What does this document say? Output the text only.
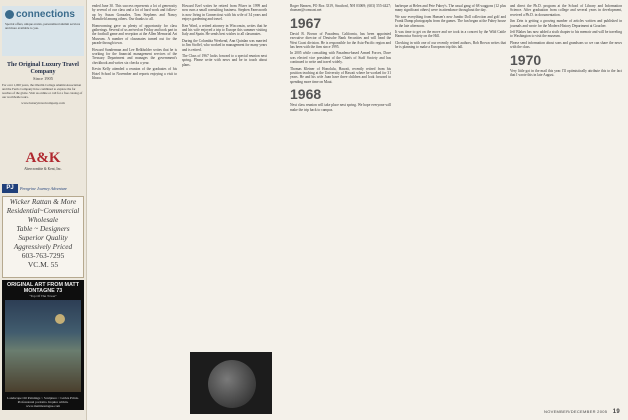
connections
Special offers, unique events, personalized alumni services and more available to you.
The Original Luxury Travel Company
Since 1905
For over 1,000 years, the Oberlin College Alumni Association and the Ferris Company have combined to explore the far reaches of the globe. Visit us online or call for a free catalog of our worldwide tours.
www.luxurytravelcompany.com
A&K
Abercrombie & Kent, Inc.
PJ	Peregrine Journey Adventure
Wicker Rattan & More
Residential~Commercial
Wholesale
Table ~ Designers
Superior Quality
Aggressively Priced
603-763-7295
VC.M. 55
ORIGINAL ART FROM MATT MONTAGNE 73
"Top Of The Tower"
Landscape Oil Paintings ~ Sculpture ~ Giclée Prints. Professional portraits. Inquire within. www.mattmontagne.com

ended June 30. This success represents a lot of generosity by several of our class and a lot of hard work and follow-up by Susan Gonzalez, Tom Stephens and Nancy Mansfield among others. Our thanks to all.

Homecoming gave us plenty of opportunity for class gatherings. Several of us arrived on Friday and took part in the football game and reception at the Allen Memorial Art Museum. A number of classmates turned out for the parade through town.

Howard Sunderman and Lee Belkholder writes that he is working for the financial management services of the Treasury Department and manages the government's checkbook and writes six checks a year.

Kevin Kelly attended a reunion of the graduates of his Hotel School in November and reports enjoying a visit to Ithaca.

Howard Ezel writes he retired from Pfizer in 1999 and now runs a small consulting business. Stephen Farnsworth is now living in Connecticut with his wife of 34 years and enjoys gardening and travel.

Ken Ward, a retired attorney in Wisconsin, writes that he and his wife enjoyed a trip to Europe this summer visiting Italy and Spain. He sends best wishes to all classmates.

During the Columbia Weekend, Ann Quinlan was married to Jim Stoffel, who worked in management for many years and is retired.

The Class of 1967 looks forward to a special reunion next spring. Please write with news and be in touch about plans.

Roger Hansen, PO Box 3319, Stratford, NH 03069; (603) 555-4427; rhansen@comcast.net

1967

David B. Brown of Pasadena, California, has been appointed executive director of Deutsche Bank Securities and will head the West Coast division. He is responsible for the Asia-Pacific region and has been with the firm since 1995.

In 2005 while consulting with Pasadena-based Armed Forces, Dave was elected vice president of the Chiefs of Staff Society and has continued to write and travel widely.

Thomas Kleiner of Honolulu, Hawaii, recently retired from his position teaching at the University of Hawaii where he worked for 31 years. He and his wife Joan have three children and look forward to spending more time on Maui.

1968

Next class reunion will take place next spring. We hope everyone will make the trip back to campus.

barbeque at Helen and Pete Fahey's. The usual gang of 68 waggons (12 plus many significant others) were in attendance throughout the day.

We saw everything from Hansen's new Jumbo Doll collection and golf and Frank Dump photographs from the games. The fun began at the Fahey house in the late afternoon.

It was time to get on the move and we took in a concert by the Wild Cattle Harmonica Society on the Hill.

Checking in with one of our recently retired authors, Bob Brown writes that he is planning to make a European trip this fall.

and direct the Ph.D. program at the School of Library and Information Science. After graduation from college and several years in development, received a Ph.D. in documentation.

Jim Zein is getting a growing number of articles written and published in journals and wrote for the Modern History Department at Goucher.

Jeff Blakes has now added a sixth chapter to his memoir and will be traveling to Washington to visit the museum.

Please send information about sons and grandsons so we can share the news with the class.

1970

Very little got in the mail this year. I'll optimistically attribute this to the fact that I wrote this in late August.

NOVEMBER/DECEMBER 2005 19
